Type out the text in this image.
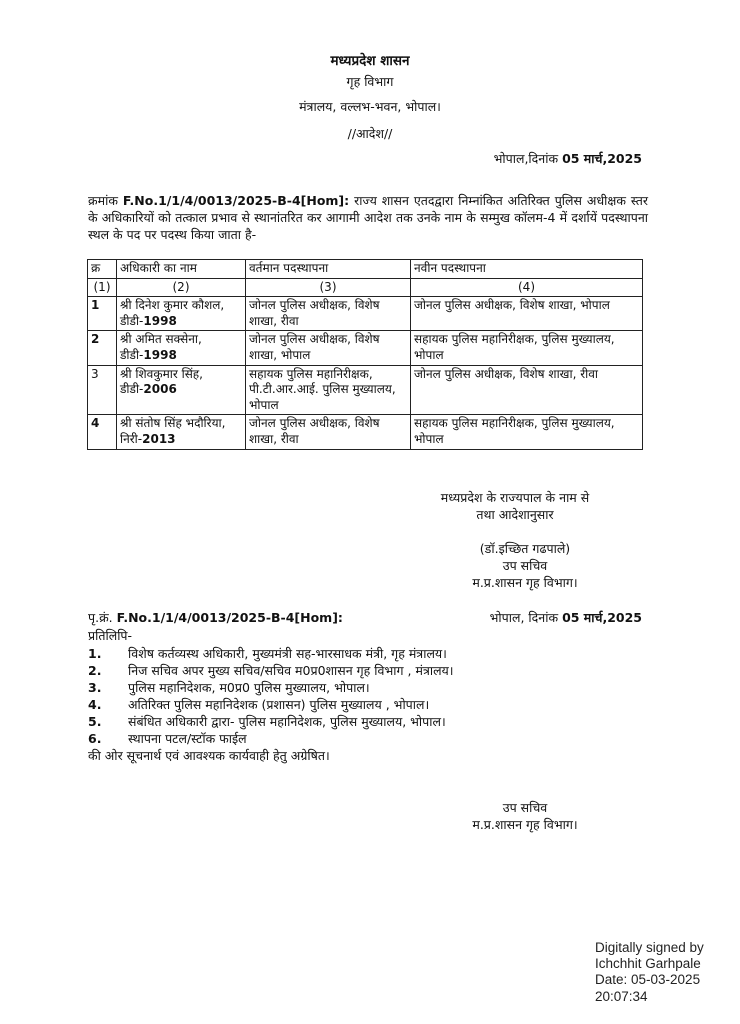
मध्यप्रदेश शासन
गृह विभाग
मंत्रालय, वल्लभ-भवन, भोपाल।
//आदेश//
भोपाल,दिनांक 05 मार्च,2025
क्रमांक F.No.1/1/4/0013/2025-B-4[Hom]: राज्य शासन एतदद्वारा निम्नांकित अतिरिक्त पुलिस अधीक्षक स्तर के अधिकारियों को तत्काल प्रभाव से स्थानांतरित कर आगामी आदेश तक उनके नाम के सम्मुख कॉलम-4 में दर्शायें पदस्थापना स्थल के पद पर पदस्थ किया जाता है-
क्र	अधिकारी का नाम	वर्तमान पदस्थापना	नवीन पदस्थापना
(1)	(2)	(3)	(4)
1	श्री दिनेश कुमार कौशल, डीडी-1998	जोनल पुलिस अधीक्षक, विशेष शाखा, रीवा	जोनल पुलिस अधीक्षक, विशेष शाखा, भोपाल
2	श्री अमित सक्सेना, डीडी-1998	जोनल पुलिस अधीक्षक, विशेष शाखा, भोपाल	सहायक पुलिस महानिरीक्षक, पुलिस मुख्यालय, भोपाल
3	श्री शिवकुमार सिंह, डीडी-2006	सहायक पुलिस महानिरीक्षक, पी.टी.आर.आई. पुलिस मुख्यालय, भोपाल	जोनल पुलिस अधीक्षक, विशेष शाखा, रीवा
4	श्री संतोष सिंह भदौरिया, निरी-2013	जोनल पुलिस अधीक्षक, विशेष शाखा, रीवा	सहायक पुलिस महानिरीक्षक, पुलिस मुख्यालय, भोपाल
मध्यप्रदेश के राज्यपाल के नाम से
तथा आदेशानुसार
(डॉ.इच्छित गढपाले)
उप सचिव
म.प्र.शासन गृह विभाग।
पृ.क्रं. F.No.1/1/4/0013/2025-B-4[Hom]:	भोपाल, दिनांक 05 मार्च,2025
प्रतिलिपि-
1. विशेष कर्तव्यस्थ अधिकारी, मुख्यमंत्री सह-भारसाधक मंत्री, गृह मंत्रालय।
2. निज सचिव अपर मुख्य सचिव/सचिव म0प्र0शासन गृह विभाग , मंत्रालय।
3. पुलिस महानिदेशक, म0प्र0 पुलिस मुख्यालय, भोपाल।
4. अतिरिक्त पुलिस महानिदेशक (प्रशासन) पुलिस मुख्यालय , भोपाल।
5. संबंधित अधिकारी द्वारा- पुलिस महानिदेशक, पुलिस मुख्यालय, भोपाल।
6. स्थापना पटल/स्टॉक फाईल
की ओर सूचनार्थ एवं आवश्यक कार्यवाही हेतु अग्रेषित।
उप सचिव
म.प्र.शासन गृह विभाग।
Digitally signed by
Ichchhit Garhpale
Date: 05-03-2025
20:07:34
